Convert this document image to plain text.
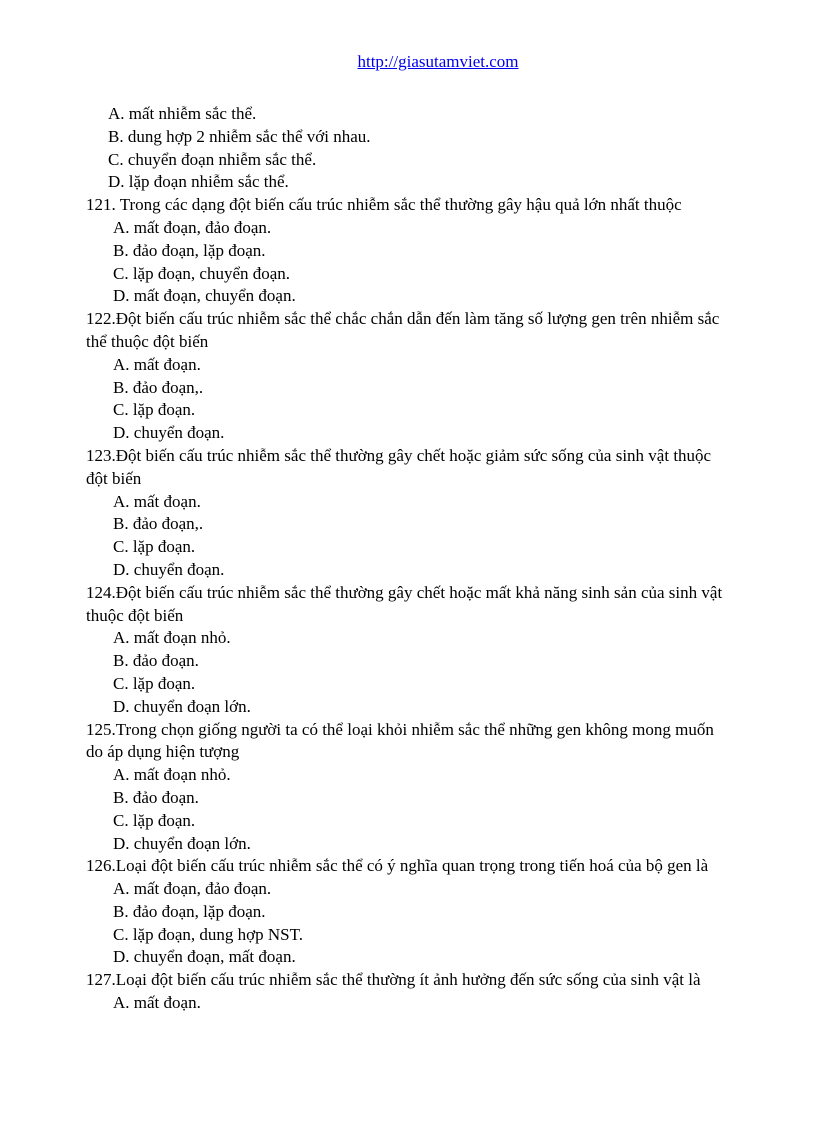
http://giasutamviet.com
A. mất nhiễm sắc thể.
B. dung hợp 2 nhiễm sắc thể với nhau.
C. chuyển đoạn nhiễm sắc thể.
D. lặp đoạn nhiễm sắc thể.
121. Trong các dạng đột biến cấu trúc nhiễm sắc thể thường gây hậu quả lớn nhất thuộc
A. mất đoạn, đảo đoạn.
B. đảo đoạn, lặp đoạn.
C. lặp đoạn, chuyển đoạn.
D. mất đoạn, chuyển đoạn.
122.Đột biến cấu trúc nhiễm sắc thể chắc chắn dẫn đến làm tăng số lượng gen trên nhiễm sắc
thể thuộc đột biến
A. mất đoạn.
B. đảo đoạn,.
C. lặp đoạn.
D. chuyển đoạn.
123.Đột biến cấu trúc nhiễm sắc thể thường gây chết hoặc giảm sức sống của sinh vật thuộc
đột biến
A. mất đoạn.
B. đảo đoạn,.
C. lặp đoạn.
D. chuyển đoạn.
124.Đột biến cấu trúc nhiễm sắc thể thường gây chết hoặc mất khả năng sinh sản của sinh vật
thuộc đột biến
A. mất đoạn nhỏ.
B. đảo đoạn.
C. lặp đoạn.
D. chuyển đoạn lớn.
125.Trong chọn giống người ta có thể loại khỏi nhiễm sắc thể những gen không mong muốn
do áp dụng hiện tượng
A. mất đoạn nhỏ.
B. đảo đoạn.
C. lặp đoạn.
D. chuyển đoạn lớn.
126.Loại đột biến cấu trúc nhiễm sắc thể có ý nghĩa quan trọng trong tiến hoá của bộ gen là
A. mất đoạn, đảo đoạn.
B. đảo đoạn, lặp đoạn.
C. lặp đoạn, dung hợp NST.
D. chuyển đoạn, mất đoạn.
127.Loại đột biến cấu trúc nhiễm sắc thể thường ít ảnh hưởng đến sức sống của sinh vật là
A. mất đoạn.
